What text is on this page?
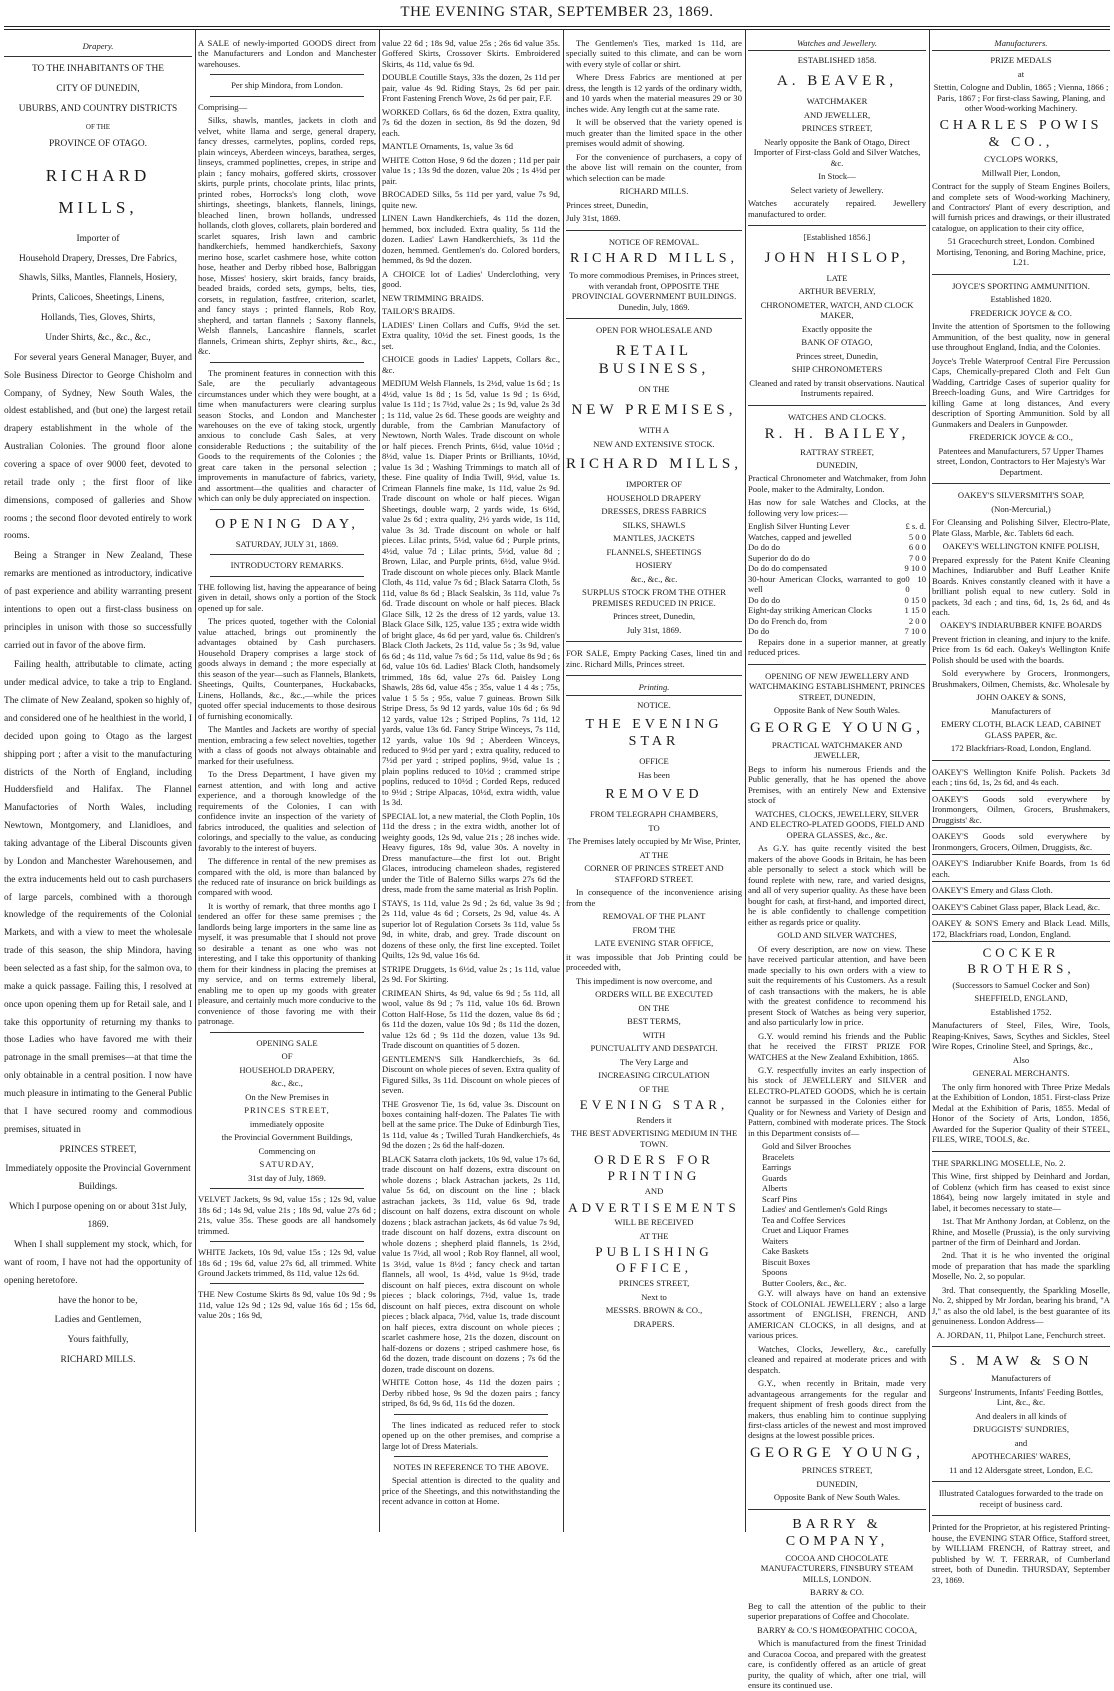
THE EVENING STAR, SEPTEMBER 23, 1869.
Drapery.

TO THE INHABITANTS OF THE

CITY OF DUNEDIN,

UBURBS, AND COUNTRY DISTRICTS

OF THE

PROVINCE OF OTAGO.

RICHARD MILLS,

Importer of

Household Drapery, Dresses, Dre Fabrics,

Shawls, Silks, Mantles, Flannels, Hosiery,

Prints, Calicoes, Sheetings, Linens,

Hollands, Ties, Gloves, Shirts,

Under Shirts, &c., &c., &c.,

For several years General Manager, Buyer, and Sole Business Director to George Chisholm and Company, of Sydney, New South Wales, the oldest established, and (but one) the largest retail drapery establishment in the whole of the Australian Colonies. The ground floor alone covering a space of over 9000 feet, devoted to retail trade only ; the first floor of like dimensions, composed of galleries and Show rooms ; the second floor devoted entirely to work rooms.

Being a Stranger in New Zealand, These remarks are mentioned as introductory, indicative of past experience and ability warranting present intentions to open out a first-class business on principles in unison with those so successfully carried out in favor of the above firm.

Failing health, attributable to climate, acting under medical advice, to take a trip to England. The climate of New Zealand, spoken so highly of, and considered one of he healthiest in the world, I decided upon going to Otago as the largest shipping port ; after a visit to the manufacturing districts of the North of England, including Huddersfield and Halifax. The Flannel Manufactories of North Wales, including Newtown, Montgomery, and Llanidloes, and taking advantage of the Liberal Discounts given by London and Manchester Warehousemen, and the extra inducements held out to cash purchasers of large parcels, combined with a thorough knowledge of the requirements of the Colonial Markets, and with a view to meet the wholesale trade of this season, the ship Mindora, having been selected as a fast ship, for the salmon ova, to make a quick passage. Failing this, I resolved at once upon opening them up for Retail sale, and I take this opportunity of returning my thanks to those Ladies who have favored me with their patronage in the small premises—at that time the only obtainable in a central position. I now have much pleasure in intimating to the General Public that I have secured roomy and commodious premises, situated in

PRINCES STREET,

Immediately opposite the Provincial Government Buildings.

Which I purpose opening on or about 31st July, 1869.

When I shall supplement my stock, which, for want of room, I have not had the opportunity of opening heretofore.

have the honor to be,

Ladies and Gentlemen,

Yours faithfully,

RICHARD MILLS.

A SALE of newly-imported GOODS direct from the Manufacturers and London and Manchester warehouses.

Per ship Mindora, from London.

Comprising—

Silks, shawls, mantles, jackets in cloth and velvet, white llama and serge, general drapery, fancy dresses, carmelytes, poplins, corded reps, plain winceys, Aberdeen winceys, barathea, serges, linseys, crammed poplinettes, crepes, in stripe and plain ; fancy mohairs, goffered skirts, crossover skirts, purple prints, chocolate prints, lilac prints, printed robes, Horrocks's long cloth, wove shirtings, sheetings, blankets, flannels, linings, bleached linen, brown hollands, undressed hollands, cloth gloves, collarets, plain bordered and scarlet squares, Irish lawn and cambric handkerchiefs, hemmed handkerchiefs, Saxony merino hose, scarlet cashmere hose, white cotton hose, heather and Derby ribbed hose, Balbriggan hose, Misses' hosiery, skirt braids, fancy braids, beaded braids, corded sets, gymps, belts, ties, corsets, in regulation, fastfree, criterion, scarlet, and fancy stays ; printed flannels, Rob Roy, shepherd, and tartan flannels ; Saxony flannels, Welsh flannels, Lancashire flannels, scarlet flannels, Crimean shirts, Zephyr shirts, &c., &c., &c.

The prominent features in connection with this Sale, are the peculiarly advantageous circumstances under which they were bought, at a time when manufacturers were clearing surplus season Stocks, and London and Manchester warehouses on the eve of taking stock, urgently anxious to conclude Cash Sales, at very considerable Reductions ; the suitability of the Goods to the requirements of the Colonies ; the great care taken in the personal selection ; improvements in manufacture of fabrics, variety, and assortment—the qualities and character of which can only be duly appreciated on inspection.

OPENING DAY,

SATURDAY, JULY 31, 1869.

INTRODUCTORY REMARKS.

THE following list, having the appearance of being given in detail, shows only a portion of the Stock opened up for sale.

The prices quoted, together with the Colonial value attached, brings out prominently the advantages obtained by Cash purchasers. Household Drapery comprises a large stock of goods always in demand ; the more especially at this season of the year—such as Flannels, Blankets, Sheetings, Quilts, Counterpanes, Huckabacks, Linens, Hollands, &c., &c.,—while the prices quoted offer special inducements to those desirous of furnishing economically.

The Mantles and Jackets are worthy of special mention, embracing a few select novelties, together with a class of goods not always obtainable and marked for their usefulness.

To the Dress Department, I have given my earnest attention, and with long and active experience, and a thorough knowledge of the requirements of the Colonies, I can with confidence invite an inspection of the variety of fabrics introduced, the qualities and selection of colorings, and specially to the value, as conducing favorably to the interest of buyers.

The difference in rental of the new premises as compared with the old, is more than balanced by the reduced rate of insurance on brick buildings as compared with wood.

It is worthy of remark, that three months ago I tendered an offer for these same premises ; the landlords being large importers in the same line as myself, it was presumable that I should not prove so desirable a tenant as one who was not interesting, and I take this opportunity of thanking them for their kindness in placing the premises at my service, and on terms extremely liberal, enabling me to open up my goods with greater pleasure, and certainly much more conducive to the convenience of those favoring me with their patronage.

OPENING SALE

OF

HOUSEHOLD DRAPERY,

&c., &c.,

On the New Premises in

PRINCES STREET,

immediately opposite

the Provincial Government Buildings,

Commencing on

SATURDAY,

31st day of July, 1869.

VELVET Jackets, 9s 9d, value 15s ; 12s 9d, value 18s 6d ; 14s 9d, value 21s ; 18s 9d, value 27s 6d ; 21s, value 35s. These goods are all handsomely trimmed.

WHITE Jackets, 10s 9d, value 15s ; 12s 9d, value 18s 6d ; 19s 6d, value 27s 6d, all trimmed. White Ground Jackets trimmed, 8s 11d, value 12s 6d.

THE New Costume Skirts 8s 9d, value 10s 9d ; 9s 11d, value 12s 9d ; 12s 9d, value 16s 6d ; 15s 6d, value 20s ; 16s 9d,

value 22 6d ; 18s 9d, value 25s ; 26s 6d value 35s. Goffered Skirts, Crossover Skirts. Embroidered Skirts, 4s 11d, value 6s 9d.

DOUBLE Coutille Stays, 33s the dozen, 2s 11d per pair, value 4s 9d. Riding Stays, 2s 6d per pair. Front Fastening French Wove, 2s 6d per pair, F.F.

WORKED Collars, 6s 6d the dozen, Extra quality, 7s 6d the dozen in section, 8s 9d the dozen, 9d each.

MANTLE Ornaments, 1s, value 3s 6d

WHITE Cotton Hose, 9 6d the dozen ; 11d per pair value 1s ; 13s 9d the dozen, value 20s ; 1s 4½d per pair.

BROCADED Silks, 5s 11d per yard, value 7s 9d, quite new.

LINEN Lawn Handkerchiefs, 4s 11d the dozen, hemmed, box included. Extra quality, 5s 11d the dozen. Ladies' Lawn Handkerchiefs, 3s 11d the dozen, hemmed. Gentlemen's do. Colored borders, hemmed, 8s 9d the dozen.

A CHOICE lot of Ladies' Underclothing, very good.

NEW TRIMMING BRAIDS.

TAILOR'S BRAIDS.

LADIES' Linen Collars and Cuffs, 9½d the set. Extra quality, 10½d the set. Finest goods, 1s the set.

CHOICE goods in Ladies' Lappets, Collars &c., &c.

MEDIUM Welsh Flannels, 1s 2½d, value 1s 6d ; 1s 4½d, value 1s 8d ; 1s 5d, value 1s 9d ; 1s 6½d, value 1s 11d ; 1s 7½d, value 2s ; 1s 9d, value 2s 3d ; 1s 11d, value 2s 6d. These goods are weighty and durable, from the Cambrian Manufactory of Newtown, North Wales. Trade discount on whole or half pieces. French Prints, 6½d, value 10½d ; 8½d, value 1s. Diaper Prints or Brilliants, 10½d, value 1s 3d ; Washing Trimmings to match all of these. Fine quality of India Twill, 9½d, value 1s. Crimean Flannels fine make, 1s 11d, value 2s 9d. Trade discount on whole or half pieces. Wigan Sheetings, double warp, 2 yards wide, 1s 6½d, value 2s 6d ; extra quality, 2½ yards wide, 1s 11d, value 3s 3d. Trade discount on whole or half pieces. Lilac prints, 5½d, value 6d ; Purple prints, 4½d, value 7d ; Lilac prints, 5½d, value 8d ; Brown, Lilac, and Purple prints, 6½d, value 9½d. Trade discount on whole pieces only. Black Mantle Cloth, 4s 11d, value 7s 6d ; Black Satarra Cloth, 5s 11d, value 8s 6d ; Black Sealskin, 3s 11d, value 7s 6d. Trade discount on whole or half pieces. Black Glace Silk, 12 2s the dress of 12 yards, value 13. Black Glace Silk, 125, value 135 ; extra wide width of bright glace, 4s 6d per yard, value 6s. Children's Black Cloth Jackets, 2s 11d, value 5s ; 3s 9d, value 6s 6d ; 4s 11d, value 7s 6d ; 5s 11d, value 8s 9d ; 6s 6d, value 10s 6d. Ladies' Black Cloth, handsomely trimmed, 18s 6d, value 27s 6d. Paisley Long Shawls, 28s 6d, value 45s ; 35s, value 1 4 4s ; 75s, value 1 5 5s ; 95s, value 7 guineas. Brown Silk Stripe Dress, 5s 9d 12 yards, value 10s 6d ; 6s 9d 12 yards, value 12s ; Striped Poplins, 7s 11d, 12 yards, value 13s 6d. Fancy Stripe Winceys, 7s 11d, 12 yards, value 10s 9d ; Aberdeen Winceys, reduced to 9½d per yard ; extra quality, reduced to 7½d per yard ; striped poplins, 9½d, value 1s ; plain poplins reduced to 10½d ; crammed stripe poplins, reduced to 10½d ; Corded Reps, reduced to 9½d ; Stripe Alpacas, 10½d, extra width, value 1s 3d.

SPECIAL lot, a new material, the Cloth Poplin, 10s 11d the dress ; in the extra width, another lot of weighty goods, 12s 9d, value 21s ; 28 inches wide. Heavy figures, 18s 9d, value 30s. A novelty in Dress manufacture—the first lot out. Bright Glaces, introducing chameleon shades, registered under the Title of Balerno Silks warps 27s 6d the dress, made from the same material as Irish Poplin.

STAYS, 1s 11d, value 2s 9d ; 2s 6d, value 3s 9d ; 2s 11d, value 4s 6d ; Corsets, 2s 9d, value 4s. A superior lot of Regulation Corsets 3s 11d, value 5s 9d, in white, drab, and grey. Trade discount on dozens of these only, the first line excepted. Toilet Quilts, 12s 9d, value 16s 6d.

STRIPE Druggets, 1s 6½d, value 2s ; 1s 11d, value 2s 9d. For Skirting.

CRIMEAN Shirts, 4s 9d, value 6s 9d ; 5s 11d, all wool, value 8s 9d ; 7s 11d, value 10s 6d. Brown Cotton Half-Hose, 5s 11d the dozen, value 8s 6d ; 6s 11d the dozen, value 10s 9d ; 8s 11d the dozen, value 12s 6d ; 9s 11d the dozen, value 13s 9d. Trade discount on quantities of 5 dozen.

GENTLEMEN'S Silk Handkerchiefs, 3s 6d. Discount on whole pieces of seven. Extra quality of Figured Silks, 3s 11d. Discount on whole pieces of seven.

THE Grosvenor Tie, 1s 6d, value 3s. Discount on boxes containing half-dozen. The Palates Tie with bell at the same price. The Duke of Edinburgh Ties, 1s 11d, value 4s ; Twilled Turah Handkerchiefs, 4s 9d the dozen ; 2s 6d the half-dozen.

BLACK Satarra cloth jackets, 10s 9d, value 17s 6d, trade discount on half dozens, extra discount on whole dozens ; black Astrachan jackets, 2s 11d, value 5s 6d, on discount on the line ; black astrachan jackets, 3s 11d, value 6s 9d, trade discount on half dozens, extra discount on whole dozens ; black astrachan jackets, 4s 6d value 7s 9d, trade discount on half dozens, extra discount on whole dozens ; shepherd plaid flannels, 1s 2½d, value 1s 7½d, all wool ; Rob Roy flannel, all wool, 1s 3½d, value 1s 8½d ; fancy check and tartan flannels, all wool, 1s 4½d, value 1s 9½d, trade discount on half pieces, extra discount on whole pieces ; black colorings, 7½d, value 1s, trade discount on half pieces, extra discount on whole pieces ; black alpaca, 7½d, value 1s, trade discount on half pieces, extra discount on whole pieces ; scarlet cashmere hose, 21s the dozen, discount on half-dozens or dozens ; striped cashmere hose, 6s 6d the dozen, trade discount on dozens ; 7s 6d the dozen, trade discount on dozens.

WHITE Cotton hose, 4s 11d the dozen pairs ; Derby ribbed hose, 9s 9d the dozen pairs ; fancy striped, 8s 6d, 9s 6d, 11s 6d the dozen.

The lines indicated as reduced refer to stock opened up on the other premises, and comprise a large lot of Dress Materials.

NOTES IN REFERENCE TO THE ABOVE.

Special attention is directed to the quality and price of the Sheetings, and this notwithstanding the recent advance in cotton at Home.

The Gentlemen's Ties, marked 1s 11d, are specially suited to this climate, and can be worn with every style of collar or shirt.

Where Dress Fabrics are mentioned at per dress, the length is 12 yards of the ordinary width, and 10 yards when the material measures 29 or 30 inches wide. Any length cut at the same rate.

It will be observed that the variety opened is much greater than the limited space in the other premises would admit of showing.

For the convenience of purchasers, a copy of the above list will remain on the counter, from which selection can be made

RICHARD MILLS.

Princes street, Dunedin,

July 31st, 1869.

NOTICE OF REMOVAL.

RICHARD MILLS,

To more commodious Premises, in Princes street, with verandah front, OPPOSITE THE PROVINCIAL GOVERNMENT BUILDINGS. Dunedin, July, 1869.

OPEN FOR WHOLESALE AND

RETAIL BUSINESS,

ON THE

NEW PREMISES,

WITH A

NEW AND EXTENSIVE STOCK.

RICHARD MILLS,

IMPORTER OF

HOUSEHOLD DRAPERY

DRESSES, DRESS FABRICS

SILKS, SHAWLS

MANTLES, JACKETS

FLANNELS, SHEETINGS

HOSIERY

&c., &c., &c.

SURPLUS STOCK FROM THE OTHER PREMISES REDUCED IN PRICE.

Princes street, Dunedin,

July 31st, 1869.

FOR SALE, Empty Packing Cases, lined tin and zinc. Richard Mills, Princes street.

Printing.

NOTICE.

THE EVENING STAR

OFFICE

Has been

REMOVED

FROM TELEGRAPH CHAMBERS,

TO

The Premises lately occupied by Mr Wise, Printer,

AT THE

CORNER OF PRINCES STREET AND STAFFORD STREET.

In consequence of the inconvenience arising from the

REMOVAL OF THE PLANT

FROM THE

LATE EVENING STAR OFFICE,

it was impossible that Job Printing could be proceeded with,

This impediment is now overcome, and

ORDERS WILL BE EXECUTED

ON THE

BEST TERMS,

WITH

PUNCTUALITY AND DESPATCH.

The Very Large and

INCREASING CIRCULATION

OF THE

EVENING STAR,

Renders it

THE BEST ADVERTISING MEDIUM IN THE TOWN.

ORDERS FOR PRINTING

AND

ADVERTISEMENTS

WILL BE RECEIVED

AT THE

PUBLISHING OFFICE,

PRINCES STREET,

Next to

MESSRS. BROWN & CO.,

DRAPERS.

Watches and Jewellery.

ESTABLISHED 1858.

A. BEAVER,

WATCHMAKER

AND JEWELLER,

PRINCES STREET,

Nearly opposite the Bank of Otago, Direct Importer of First-class Gold and Silver Watches, &c.

In Stock—

Select variety of Jewellery.

Watches accurately repaired. Jewellery manufactured to order.

[Established 1856.]

JOHN HISLOP,

LATE

ARTHUR BEVERLY,

CHRONOMETER, WATCH, AND CLOCK MAKER,

Exactly opposite the

BANK OF OTAGO,

Princes street, Dunedin,

SHIP CHRONOMETERS

Cleaned and rated by transit observations. Nautical Instruments repaired.

WATCHES AND CLOCKS.

R. H. BAILEY,

RATTRAY STREET,

DUNEDIN,

Practical Chronometer and Watchmaker, from John Poole, maker to the Admiralty, London.

Has now for sale Watches and Clocks, at the following very low prices:—

English Silver Hunting Lever	£ s. d.
Watches, capped and jewelled	5 0 0
Do do do	6 0 0
Superior do do do	7 0 0
Do do do compensated	9 10 0
30-hour American Clocks, warranted to go well
0 10 0
Do do do	0 15 0
Eight-day striking American Clocks	1 15 0
Do do French do, from	2 0 0
Do do	7 10 0

Repairs done in a superior manner, at greatly reduced prices.

OPENING OF NEW JEWELLERY AND WATCHMAKING ESTABLISHMENT, PRINCES STREET, DUNEDIN,

Opposite Bank of New South Wales.

GEORGE YOUNG,

PRACTICAL WATCHMAKER AND JEWELLER,

Begs to inform his numerous Friends and the Public generally, that he has opened the above Premises, with an entirely New and Extensive stock of

WATCHES, CLOCKS, JEWELLERY, SILVER AND ELECTRO-PLATED GOODS, FIELD AND OPERA GLASSES, &c., &c.

As G.Y. has quite recently visited the best makers of the above Goods in Britain, he has been able personally to select a stock which will be found replete with new, rare, and varied designs, and all of very superior quality. As these have been bought for cash, at first-hand, and imported direct, he is able confidently to challenge competition either as regards price or quality.

GOLD AND SILVER WATCHES,

Of every description, are now on view. These have received particular attention, and have been made specially to his own orders with a view to suit the requirements of his Customers. As a result of cash transactions with the makers, he is able with the greatest confidence to recommend his present Stock of Watches as being very superior, and also particularly low in price.

G.Y. would remind his friends and the Public that he received the FIRST PRIZE FOR WATCHES at the New Zealand Exhibition, 1865.

G.Y. respectfully invites an early inspection of his stock of JEWELLERY and SILVER and ELECTRO-PLATED GOODS, which he is certain cannot be surpassed in the Colonies either for Quality or for Newness and Variety of Design and Pattern, combined with moderate prices. The Stock in this Department consists of—

Gold and Silver Brooches
Bracelets
Earrings
Guards
Alberts
Scarf Pins
Ladies' and Gentlemen's Gold Rings
Tea and Coffee Services
Cruet and Liquor Frames
Waiters
Cake Baskets
Biscuit Boxes
Spoons
Butter Coolers, &c., &c.

G.Y. will always have on hand an extensive Stock of COLONIAL JEWELLERY ; also a large assortment of ENGLISH, FRENCH, AND AMERICAN CLOCKS, in all designs, and at various prices.

Watches, Clocks, Jewellery, &c., carefully cleaned and repaired at moderate prices and with despatch.

G.Y., when recently in Britain, made very advantageous arrangements for the regular and frequent shipment of fresh goods direct from the makers, thus enabling him to continue supplying first-class articles of the newest and most improved designs at the lowest possible prices.

GEORGE YOUNG,

PRINCES STREET,

DUNEDIN,

Opposite Bank of New South Wales.

BARRY & COMPANY,

COCOA AND CHOCOLATE MANUFACTURERS, FINSBURY STEAM MILLS, LONDON.

BARRY & CO.

Beg to call the attention of the public to their superior preparations of Coffee and Chocolate.

BARRY & CO.'S HOMŒOPATHIC COCOA,

Which is manufactured from the finest Trinidad and Curacoa Cocoa, and prepared with the greatest care, is confidently offered as an article of great purity, the quality of which, after one trial, will ensure its continued use.

Manufacturers.

PRIZE MEDALS

at

Stettin, Cologne and Dublin, 1865 ; Vienna, 1866 ; Paris, 1867 ; For first-class Sawing, Planing, and other Wood-working Machinery.

CHARLES POWIS & CO.,

CYCLOPS WORKS,

Millwall Pier, London,

Contract for the supply of Steam Engines Boilers, and complete sets of Wood-working Machinery, and Contractors' Plant of every description, and will furnish prices and drawings, or their illustrated catalogue, on application to their city office,

51 Gracechurch street, London. Combined Mortising, Tenoning, and Boring Machine, price, L21.

JOYCE'S SPORTING AMMUNITION.

Established 1820.

FREDERICK JOYCE & CO.

Invite the attention of Sportsmen to the following Ammunition, of the best quality, now in general use throughout England, India, and the Colonies.

Joyce's Treble Waterproof Central Fire Percussion Caps, Chemically-prepared Cloth and Felt Gun Wadding, Cartridge Cases of superior quality for Breech-loading Guns, and Wire Cartridges for killing Game at long distances, And every description of Sporting Ammunition. Sold by all Gunmakers and Dealers in Gunpowder.

FREDERICK JOYCE & CO.,

Patentees and Manufacturers, 57 Upper Thames street, London, Contractors to Her Majesty's War Department.

OAKEY'S SILVERSMITH'S SOAP,

(Non-Mercurial,)

For Cleansing and Polishing Silver, Electro-Plate, Plate Glass, Marble, &c. Tablets 6d each.

OAKEY'S WELLINGTON KNIFE POLISH,

Prepared expressly for the Patent Knife Cleaning Machines, Indiarubber and Buff Leather Knife Boards. Knives constantly cleaned with it have a brilliant polish equal to new cutlery. Sold in packets, 3d each ; and tins, 6d, 1s, 2s 6d, and 4s each.

OAKEY'S INDIARUBBER KNIFE BOARDS

Prevent friction in cleaning, and injury to the knife. Price from 1s 6d each. Oakey's Wellington Knife Polish should be used with the boards.

Sold everywhere by Grocers, Ironmongers, Brushmakers, Oilmen, Chemists, &c. Wholesale by

JOHN OAKEY & SONS,

Manufacturers of

EMERY CLOTH, BLACK LEAD, CABINET GLASS PAPER, &c.

172 Blackfriars-Road, London, England.

OAKEY'S Wellington Knife Polish. Packets 3d each ; tins 6d, 1s, 2s 6d, and 4s each.

OAKEY'S Goods sold everywhere by Ironmongers, Oilmen, Grocers, Brushmakers, Druggists' &c.

OAKEY'S Goods sold everywhere by Ironmongers, Grocers, Oilmen, Druggists, &c.

OAKEY'S Indiarubber Knife Boards, from 1s 6d each.

OAKEY'S Emery and Glass Cloth.

OAKEY'S Cabinet Glass paper, Black Lead, &c.

OAKEY & SON'S Emery and Black Lead. Mills, 172, Blackfriars road, London, England.

COCKER BROTHERS,

(Successors to Samuel Cocker and Son)

SHEFFIELD, ENGLAND,

Established 1752.

Manufacturers of Steel, Files, Wire, Tools, Reaping-Knives, Saws, Scythes and Sickles, Steel Wire Ropes, Crinoline Steel, and Springs, &c.,

Also

GENERAL MERCHANTS.

The only firm honored with Three Prize Medals at the Exhibition of London, 1851. First-class Prize Medal at the Exhibition of Paris, 1855. Medal of Honor of the Society of Arts, London, 1856, Awarded for the Superior Quality of their STEEL, FILES, WIRE, TOOLS, &c.

THE SPARKLING MOSELLE, No. 2.

This Wine, first shipped by Deinhard and Jordan, of Coblenz (which firm has ceased to exist since 1864), being now largely imitated in style and label, it becomes necessary to state—

1st. That Mr Anthony Jordan, at Coblenz, on the Rhine, and Moselle (Prussia), is the only surviving partner of the firm of Deinhard and Jordan.

2nd. That it is he who invented the original mode of preparation that has made the sparkling Moselle, No. 2, so popular.

3rd. That consequently, the Sparkling Moselle, No. 2, shipped by Mr Jordan, bearing his brand, "A J," as also the old label, is the best guarantee of its genuineness. London Address—

A. JORDAN, 11, Philpot Lane, Fenchurch street.

S. MAW & SON

Manufacturers of

Surgeons' Instruments, Infants' Feeding Bottles, Lint, &c., &c.

And dealers in all kinds of

DRUGGISTS' SUNDRIES,

and

APOTHECARIES' WARES,

11 and 12 Aldersgate street, London, E.C.

Illustrated Catalogues forwarded to the trade on receipt of business card.

Printed for the Proprietor, at his registered Printing-house, the EVENING STAR Office, Stafford street, by WILLIAM FRENCH, of Rattray street, and published by W. T. FERRAR, of Cumberland street, both of Dunedin. THURSDAY, September 23, 1869.
